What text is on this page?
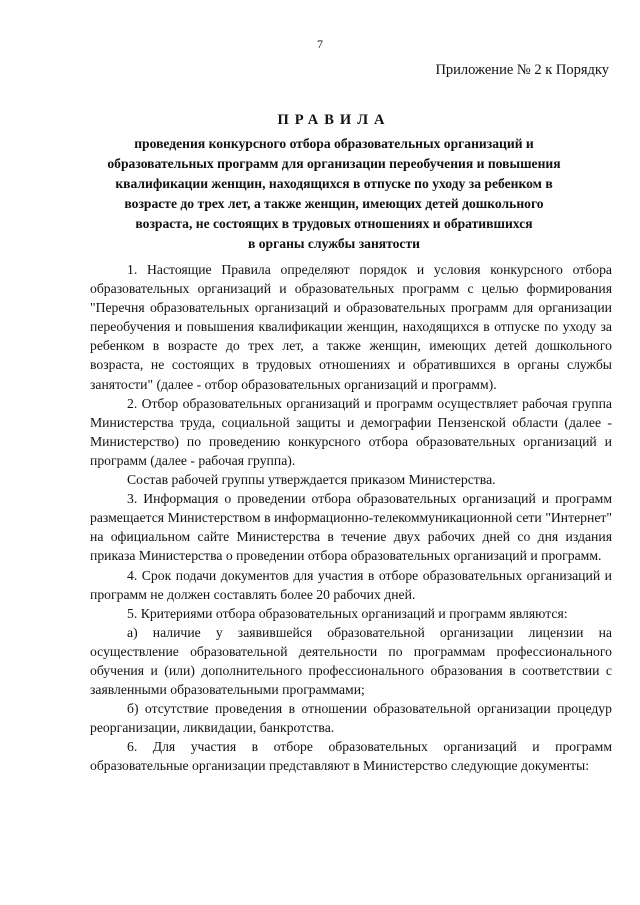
7
Приложение № 2 к Порядку
ПРАВИЛА
проведения конкурсного отбора образовательных организаций и
образовательных программ для организации переобучения и повышения
квалификации женщин, находящихся в отпуске по уходу за ребенком в
возрасте до трех лет, а также женщин, имеющих детей дошкольного
возраста, не состоящих в трудовых отношениях и обратившихся
в органы службы занятости

1. Настоящие Правила определяют порядок и условия конкурсного отбора образовательных организаций и образовательных программ с целью формирования "Перечня образовательных организаций и образовательных программ для организации переобучения и повышения квалификации женщин, находящихся в отпуске по уходу за ребенком в возрасте до трех лет, а также женщин, имеющих детей дошкольного возраста, не состоящих в трудовых отношениях и обратившихся в органы службы занятости" (далее - отбор образовательных организаций и программ).

2. Отбор образовательных организаций и программ осуществляет рабочая группа Министерства труда, социальной защиты и демографии Пензенской области (далее - Министерство) по проведению конкурсного отбора образовательных организаций и программ (далее - рабочая группа).

Состав рабочей группы утверждается приказом Министерства.

3. Информация о проведении отбора образовательных организаций и программ размещается Министерством в информационно-телекоммуникационной сети "Интернет" на официальном сайте Министерства в течение двух рабочих дней со дня издания приказа Министерства о проведении отбора образовательных организаций и программ.

4. Срок подачи документов для участия в отборе образовательных организаций и программ не должен составлять более 20 рабочих дней.

5. Критериями отбора образовательных организаций и программ являются:

а) наличие у заявившейся образовательной организации лицензии на осуществление образовательной деятельности по программам профессионального обучения и (или) дополнительного профессионального образования в соответствии с заявленными образовательными программами;

б) отсутствие проведения в отношении образовательной организации процедур реорганизации, ликвидации, банкротства.

6. Для участия в отборе образовательных организаций и программ образовательные организации представляют в Министерство следующие документы:
